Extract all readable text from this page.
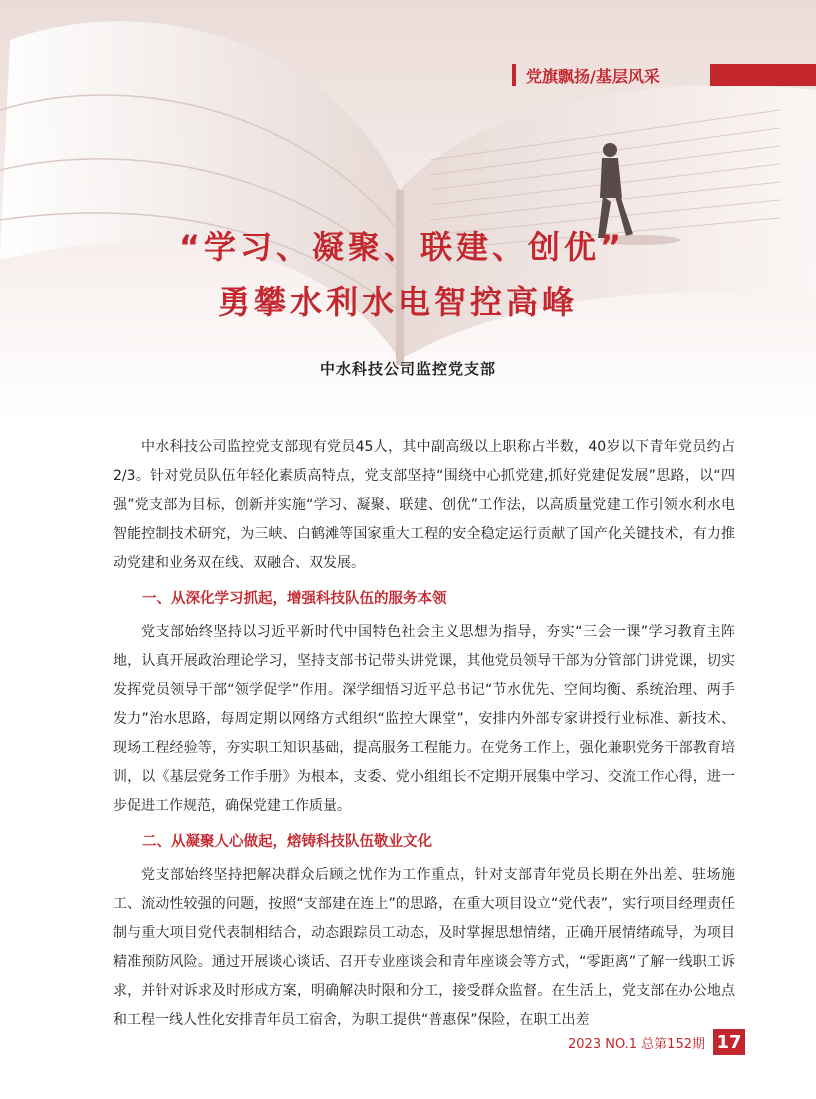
党旗飘扬/基层风采
“学习、凝聚、联建、创优”
勇攀水利水电智控高峰
中水科技公司监控党支部

中水科技公司监控党支部现有党员45人，其中副高级以上职称占半数，40岁以下青年党员约占2/3。针对党员队伍年轻化素质高特点，党支部坚持“围绕中心抓党建,抓好党建促发展”思路，以“四强”党支部为目标，创新并实施“学习、凝聚、联建、创优”工作法，以高质量党建工作引领水利水电智能控制技术研究，为三峡、白鹤滩等国家重大工程的安全稳定运行贡献了国产化关键技术，有力推动党建和业务双在线、双融合、双发展。

一、从深化学习抓起，增强科技队伍的服务本领

党支部始终坚持以习近平新时代中国特色社会主义思想为指导，夯实“三会一课”学习教育主阵地，认真开展政治理论学习，坚持支部书记带头讲党课，其他党员领导干部为分管部门讲党课，切实发挥党员领导干部“领学促学”作用。深学细悟习近平总书记“节水优先、空间均衡、系统治理、两手发力”治水思路，每周定期以网络方式组织“监控大课堂”，安排内外部专家讲授行业标准、新技术、现场工程经验等，夯实职工知识基础，提高服务工程能力。在党务工作上，强化兼职党务干部教育培训，以《基层党务工作手册》为根本，支委、党小组组长不定期开展集中学习、交流工作心得，进一步促进工作规范，确保党建工作质量。

二、从凝聚人心做起，熔铸科技队伍敬业文化

党支部始终坚持把解决群众后顾之忧作为工作重点，针对支部青年党员长期在外出差、驻场施工、流动性较强的问题，按照“支部建在连上”的思路，在重大项目设立“党代表”，实行项目经理责任制与重大项目党代表制相结合，动态跟踪员工动态，及时掌握思想情绪，正确开展情绪疏导，为项目精准预防风险。通过开展谈心谈话、召开专业座谈会和青年座谈会等方式，“零距离”了解一线职工诉求，并针对诉求及时形成方案，明确解决时限和分工，接受群众监督。在生活上，党支部在办公地点和工程一线人性化安排青年员工宿舍，为职工提供“普惠保”保险，在职工出差

2023 NO.1 总第152期 17
